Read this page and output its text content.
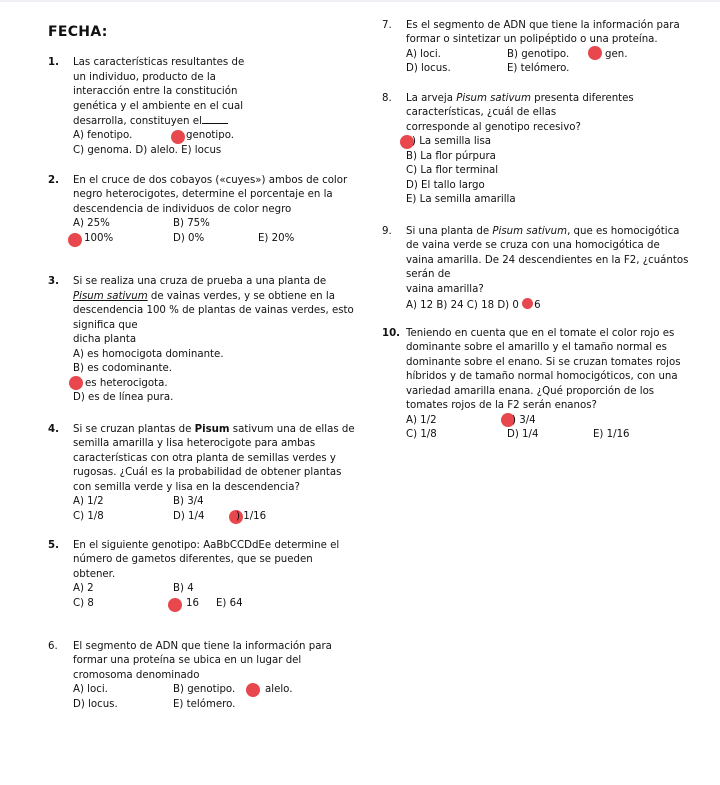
FECHA:
1. Las características resultantes de
un individuo, producto de la
interacción entre la constitución
genética y el ambiente en el cual
desarrolla, constituyen el
A) fenotipo.	genotipo.
C) genoma. D) alelo. E) locus
2. En el cruce de dos cobayos («cuyes») ambos de color
negro heterocigotes, determine el porcentaje en la
descendencia de individuos de color negro
A) 25%	B) 75%
100%	D) 0%	E) 20%
3. Si se realiza una cruza de prueba a una planta de
Pisum sativum de vainas verdes, y se obtiene en la
descendencia 100 % de plantas de vainas verdes, esto
significa que
dicha planta
A) es homocigota dominante.
B) es codominante.
es heterocigota.
D) es de línea pura.
4. Si se cruzan plantas de Pisum sativum una de ellas de
semilla amarilla y lisa heterocigote para ambas
características con otra planta de semillas verdes y
rugosas. ¿Cuál es la probabilidad de obtener plantas
con semilla verde y lisa en la descendencia?
A) 1/2	B) 3/4
C) 1/8	D) 1/4	) 1/16
5. En el siguiente genotipo: AaBbCCDdEe determine el
número de gametos diferentes, que se pueden
obtener.
A) 2	B) 4
C) 8	16 E) 64
6. El segmento de ADN que tiene la información para
formar una proteína se ubica en un lugar del
cromosoma denominado
A) loci.	B) genotipo.	alelo.
D) locus.	E) telómero.
7. Es el segmento de ADN que tiene la información para
formar o sintetizar un polipéptido o una proteína.
A) loci.	B) genotipo.	gen.
D) locus.	E) telómero.
8. La arveja Pisum sativum presenta diferentes
características, ¿cuál de ellas
corresponde al genotipo recesivo?
) La semilla lisa
B) La flor púrpura
C) La flor terminal
D) El tallo largo
E) La semilla amarilla
9. Si una planta de Pisum sativum, que es homocigótica
de vaina verde se cruza con una homocigótica de
vaina amarilla. De 24 descendientes en la F2, ¿cuántos
serán de
vaina amarilla?
A) 12 B) 24 C) 18 D) 0 6
10. Teniendo en cuenta que en el tomate el color rojo es
dominante sobre el amarillo y el tamaño normal es
dominante sobre el enano. Si se cruzan tomates rojos
híbridos y de tamaño normal homocigóticos, con una
variedad amarilla enana. ¿Qué proporción de los
tomates rojos de la F2 serán enanos?
A) 1/2	) 3/4
C) 1/8	D) 1/4	E) 1/16
